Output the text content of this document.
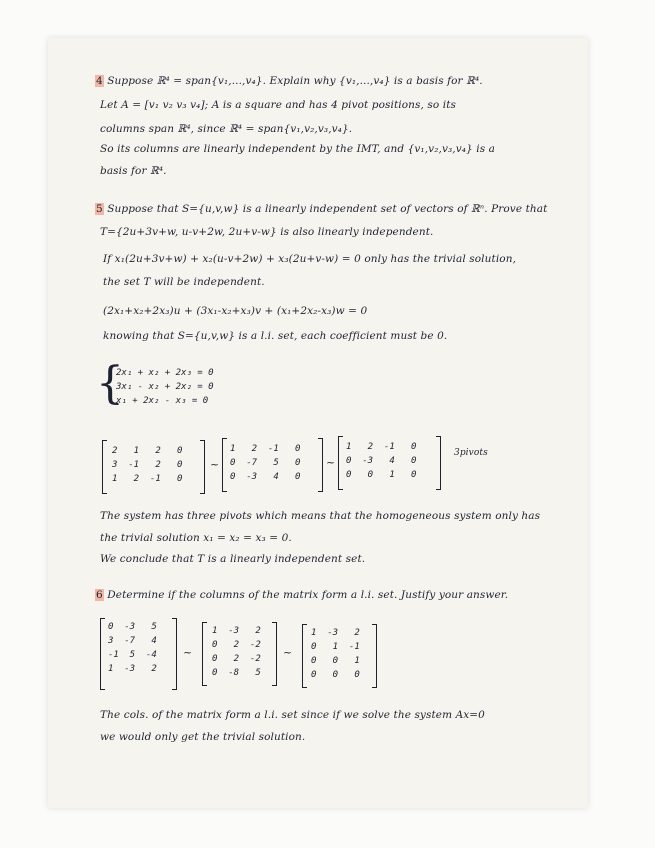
4 Suppose ℝ⁴ = span{v₁,...,v₄}. Explain why {v₁,...,v₄} is a basis for ℝ⁴.
Let A = [v₁ v₂ v₃ v₄]; A is a square and has 4 pivot positions, so its
columns span ℝ⁴, since ℝ⁴ = span{v₁,v₂,v₃,v₄}.
So its columns are linearly independent by the IMT, and {v₁,v₂,v₃,v₄} is a
basis for ℝ⁴.
5 Suppose that S={u,v,w} is a linearly independent set of vectors of ℝⁿ. Prove that
T={2u+3v+w, u-v+2w, 2u+v-w} is also linearly independent.
If x₁(2u+3v+w) + x₂(u-v+2w) + x₃(2u+v-w) = 0 only has the trivial solution,
the set T will be independent.
(2x₁+x₂+2x₃)u + (3x₁-x₂+x₃)v + (x₁+2x₂-x₃)w = 0
knowing that S={u,v,w} is a l.i. set, each coefficient must be 0.
{
2x₁ + x₂ + 2x₃ = 0
3x₁ - x₂ + 2x₂ = 0
x₁ + 2x₂ - x₃ = 0
2   1   2   0
3  -1   2   0
1   2  -1   0
~
1   2  -1   0
0  -7   5   0
0  -3   4   0
~
1   2  -1   0
0  -3   4   0
0   0   1   0
3pivots
The system has three pivots which means that the homogeneous system only has
the trivial solution x₁ = x₂ = x₃ = 0.
We conclude that T is a linearly independent set.
6 Determine if the columns of the matrix form a l.i. set. Justify your answer.
0  -3   5
3  -7   4
-1  5  -4
1  -3   2
~
1  -3   2
0   2  -2
0   2  -2
0  -8   5
~
1  -3   2
0   1  -1
0   0   1
0   0   0
The cols. of the matrix form a l.i. set since if we solve the system Ax=0
we would only get the trivial solution.
